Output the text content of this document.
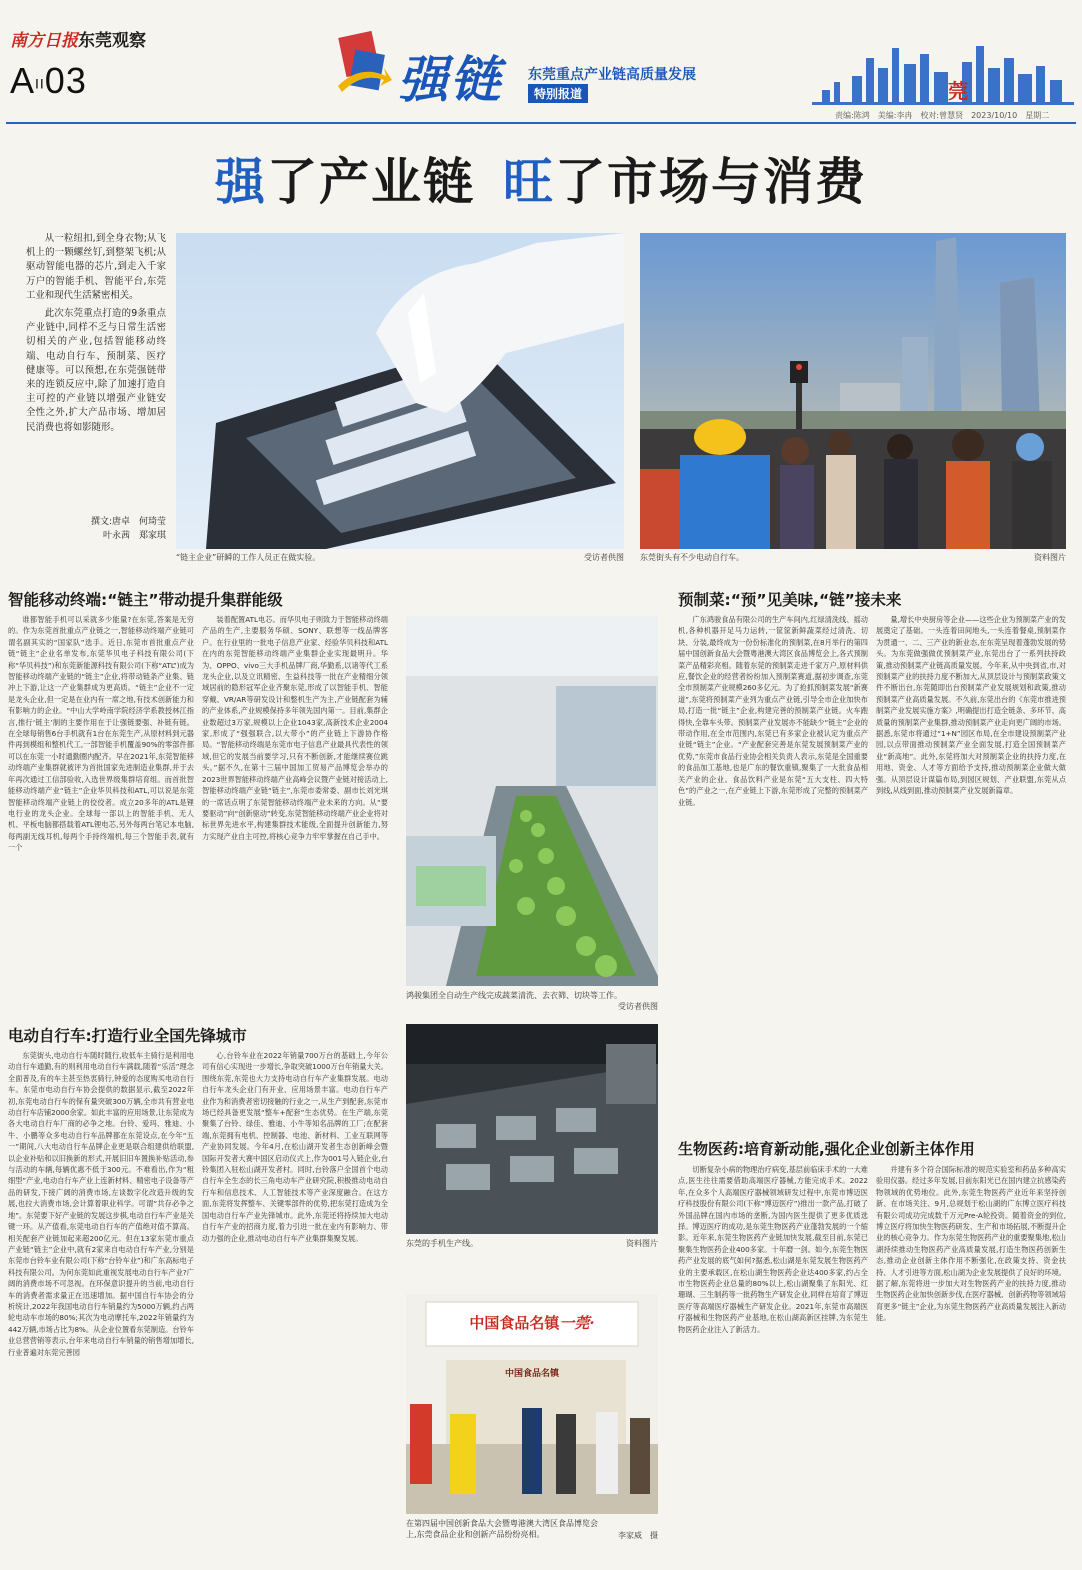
南方日报东莞观察
AII03	强链 东莞重点产业链高质量发展
特别报道	莞
责编:陈鸿　美编:李冉　校对:曾慧贤　2023/10/10　星期二
强了产业链 旺了市场与消费

从一粒纽扣,到全身衣物;从飞机上的一颗螺丝钉,到整架飞机;从驱动智能电器的芯片,到走入千家万户的智能手机、智能平台,东莞工业和现代生活紧密相关。

此次东莞重点打造的9条重点产业链中,同样不乏与日常生活密切相关的产业,包括智能移动终端、电动自行车、预制菜、医疗健康等。可以预想,在东莞强链带来的连锁反应中,除了加速打造自主可控的产业链以增强产业链安全性之外,扩大产品市场、增加居民消费也将如影随形。

撰文:唐卓　何琦莹
叶永茜　郑家琪
“链主企业”研瞬的工作人员正在做实验。	受访者供图 东莞街头有不少电动自行车。	资料图片
智能移动终端:“链主”带动提升集群能级

谁都智能手机可以采就多少能量?在东莞,答案是无穷的。作为东莞首批重点产业链之一,智能移动终端产业链可谓名副其实的“国家队”选手。近日,东莞市首批重点产业链“链主”企业名单发布,东莞华贝电子科技有限公司(下称“华贝科技”)和东莞新能源科技有限公司(下称“ATL”)成为智能移动终端产业链的“链主”企业,将带动链条产业集、链冲上下游,让这一产业集群成为更高质。“链主”企业不一定是龙头企业,但一定是在业内有一席之地,有技术创新能力和有影响力的企业。“中山大学岭南学院经济学系教授林江指言,推行‘链主’制的主要作用在于让强链要强、补链有链。在全球每销售6台手机就有1台在东莞生产,从原材料到元器件再到模组和整机代工,一部智能手机覆盖90%的零部件都可以在东莞一小时通勤圈内配齐。早在2021年,东莞智能移动终端产业集群就被评为首批国家先进制造业集群,并于去年再次通过工信部验收,入选世界级集群培育组。而首批智能移动终端产业“链主”企业华贝科技和ATL,可以说是东莞智能移动终端产业链上的佼佼者。成立20多年的ATL是锂电行业的龙头企业。全球每一部以上的智能手机、无人机、平板电脑都搭载着ATL锂电芯,另外每两台笔记本电脑,每两副无线耳机,每两个手持终端机,每三个智能手表,就有一个

装着配置ATL电芯。而华贝电子则致力于智能移动终端产品的生产,主要服务华硕、SONY、联想等一线品牌客户。在行业里的一批电子信息产业家、经验华贝科技和ATL在内的东莞智能移动终端产业集群企业实现最明升。华为、OPPO、vivo三大手机品牌厂商,华勤系,以诸等代工系龙头企业,以及立讯精密、生益科技等一批在产业精细分领域居前的隐形冠军企业齐聚东莞,形成了以智能手机、智能穿戴、VR/AR等研发设计和整机生产为主,产业链配套为辅的产业体系,产业规模保持多年领先国内第一。目前,集群企业数超过3万家,规模以上企业1043家,高新技术企业2004家,形成了“强强联合,以大带小”的产业链上下游协作格局。“智能移动终端是东莞市电子信息产业最具代表性的领域,但它的发展当前要学习,只有不断创新,才能继续赛位跳头。”据不久,在第十三届中国加工贸易产品博览会举办的2023世界智能移动终端产业高峰会议暨产业链对接活动上,智能移动终端产业链“链主”,东莞市委常委、副市长刘光琪的一席话点明了东莞智能移动终端产业未来的方向。从“要要驱动”向“创新驱动”转变,东莞智能移动终端产业企业将对标世界先进水平,构建集群技术能级,全面提升创新能力,努力实现产业自主可控,将核心竞争力牢牢掌握在自己手中。

电动自行车:打造行业全国先锋城市

东莞街头,电动自行车随时随行,收低车主骑行是利用电动自行车通勤,有的则利用电动自行车满载,随着“乐活”理念全面普及,有的车主甚至热衷骑行,钟爱的态度购买电动自行车。东莞市电动自行车协会提供的数据显示,截至2022年初,东莞电动自行车的保有量突破300万辆,全市共有营业电动自行车店铺2000余家。如此丰富的应用场景,让东莞成为各大电动自行车厂商的必争之地。台铃、爱玛、雅迪、小牛、小鹏等众多电动自行车品牌都在东莞设点,在今年“五一”期间,八大电动自行车品牌企业更是联合组建供给联盟,以企业补贴和以旧换新的形式,开展旧旧车置换补贴活动,参与活动的车辆,每辆优惠不低于300元。不难看出,作为“粗细型”产业,电动自行车产业上连新材料、精密电子设备等产品的研发,下接广阔的消费市场,左谈数字化改造升级的发展,也拉大消费市场,会计算着职业科学。可谓“共存必争之地”。东莞要下好产业链的发展这步棋,电动自行车产业是关键一环。从产值看,东莞电动自行车的产值绝对值不算高。相关配套产业链加起来超200亿元。但在13家东莞市重点产业链“链主”企业中,就有2家来自电动自行车产业,分别是东莞市台铃车业有限公司(下称“台铃车业”)和广东高标电子科技有限公司。为何东莞如此重视发展电动自行车产业?广阔的消费市场不可忽视。在环保意识提升的当前,电动自行车的消费者需求量正在迅速增加。据中国自行车协会的分析统计,2022年我国电动自行车销量约为5000万辆,约占两轮电动车市场的80%;其次为电动摩托车,2022年销量约为442万辆,市场占比为8%。从企业位置看东莞制造。台铃车业总营营销等表示,台年来电动自行车销量的销售增加增长,行业普遍对东莞完善园

心,台铃车业在2022年销量700万台的基础上,今年公司有信心实现进一步增长,争取突破1000万台年销量大关。围绕东莞,东莞也大力支持电动自行车产业集群发展。电动自行车龙头企业门有开业、应用场景丰富。电动自行车产业作为和消费者密切接触的行业之一,从生产到配套,东莞市场已经具备更发展“整车+配套”生态优势。在生产端,东莞聚集了台铃、绿佳、雅迪、小牛等知名品牌的工厂;在配套端,东莞拥有电机、控制器、电池、新材料、工业互联网等产业协同发展。今年4月,在松山湖开发者生态创新峰会暨国际开发者大赛中国区启动仪式上,作为001号入链企业,台铃集团入驻松山湖开发者村。同时,台铃落户全国首个电动自行车全生态的长三角电动车产业研究院,积极推动电动自行车和信息技术、人工智能技术等产业深度融合。在这方面,东莞将发挥整车、关键零部件的优势,把东莞打造成为全国电动自行车产业先锋城市。此外,东莞还将持续加大电动自行车产业的招商力度,着力引进一批在业内有影响力、带动力强的企业,推动电动自行车产业集群集聚发展。

鸿骏集团全自动生产线完成蔬菜清洗、去衣筛、切块等工作。
受访者供图
东莞的手机生产线。	资料图片
中国食品名镇一莞·
中国食品名镇
在第四届中国创新食品大会暨粤港澳大湾区食品博览会上,东莞食品企业和创新产品纷纷亮相。	李家威　摄
预制菜:“预”见美味,“链”接未来

广东鸿骏食品有限公司的生产车间内,红绿清洗线、摇动机,各种机器开足马力运转,一筐筐新鲜蔬菜经过清洗、切块、分装,最终成为一份份标准化的预制菜,在8月举行的第四届中国创新食品大会暨粤港澳大湾区食品博览会上,各式预制菜产品精彩亮相。随着东莞的预制菜走进千家万户,原材料供应,餐饮企业的经营者纷纷加入预制菜赛道,据初步调查,东莞全市预制菜产业规模260多亿元。为了抢抓预制菜发展“新赛道”,东莞将预制菜产业列为重点产业链,引导全市企业加快布局,打造一批“链主”企业,构建完善的预制菜产业链。火车跑得快,全靠车头带。预制菜产业发展亦不能缺少“链主”企业的带动作用,在全市范围内,东莞已有多家企业被认定为重点产业链“链主”企业。“产业配套完善是东莞发展预制菜产业的优势,”东莞市食品行业协会相关负责人表示,东莞是全国重要的食品加工基地,也是广东的餐饮重镇,聚集了一大批食品相关产业的企业。食品饮料产业是东莞“五大支柱、四大特色”的产业之一,在产业链上下游,东莞形成了完整的预制菜产业链。

量,增长中央厨房等企业——这些企业为预制菜产业的发展奠定了基础。一头连着田间地头,一头连着餐桌,预制菜作为贯通一、二、三产业的新业态,在东莞呈现着蓬勃发展的势头。为东莞做强做优预制菜产业,东莞出台了一系列扶持政策,推动预制菜产业链高质量发展。今年来,从中央到省,市,对预制菜产业的扶持力度不断加大,从顶层设计与预制菜政策文件不断出台,东莞随即出台预制菜产业发展规划和政策,推动预制菜产业高质量发展。不久前,东莞出台的《东莞市推进预制菜产业发展实施方案》,明确提出打造全链条、多环节、高质量的预制菜产业集群,推动预制菜产业走向更广阔的市场。据悉,东莞市将通过“1+N”园区布局,在全市建设预制菜产业园,以点带面推动预制菜产业全面发展,打造全国预制菜产业“新高地”。此外,东莞将加大对预制菜企业的扶持力度,在用地、资金、人才等方面给予支持,推动预制菜企业做大做强。从顶层设计谋篇布局,到园区规划、产业联盟,东莞从点到线,从线到面,推动预制菜产业发展新篇章。

生物医药:培育新动能,强化企业创新主体作用

切断复杂小病的物理治疗病变,基层前临床手术的一大难点,医生往往需要借助高端医疗器械,方能完成手术。2022年,在众多个人高端医疗器械领域研发过程中,东莞市博迈医疗科技股份有限公司(下称“博迈医疗”)推出一款产品,打破了外国品牌在国内市场的垄断,为国内医生提供了更多优质选择。博迈医疗的成功,是东莞生物医药产业蓬勃发展的一个缩影。近年来,东莞生物医药产业链加快发展,截至目前,东莞已聚集生物医药企业400多家。十年磨一剑。如今,东莞生物医药产业发展的底气如何?据悉,松山湖是东莞发展生物医药产业的主要承载区,在松山湖生物医药企业达400多家,约占全市生物医药企业总量的80%以上,松山湖聚集了东阳光、红珊瑚、三生制药等一批药物生产研发企业,同样在培育了博迈医疗等高端医疗器械生产研发企业。2021年,东莞市高端医疗器械和生物医药产业基地,在松山湖高新区挂牌,为东莞生物医药企业注入了新活力。

并建有多个符合国际标准的规范实验室和药品多种高实验用仪器。经过多年发展,目前东阳光已在国内建立抗感染药物领域的优势地位。此外,东莞生物医药产业近年来坚持创新、在市场关注、9月,总规划于松山湖的广东博立医疗科技有限公司成功完成数千万元Pre-A轮投资。随着资金的到位,博立医疗将加快生物医药研发、生产和市场拓展,不断提升企业的核心竞争力。作为东莞生物医药产业的重要聚集地,松山湖持续推动生物医药产业高质量发展,打造生物医药创新生态,推动企业创新主体作用不断强化,在政策支持、资金扶持、人才引进等方面,松山湖为企业发展提供了良好的环境。据了解,东莞将进一步加大对生物医药产业的扶持力度,推动生物医药企业加快创新步伐,在医疗器械、创新药物等领域培育更多“链主”企业,为东莞生物医药产业高质量发展注入新动能。
